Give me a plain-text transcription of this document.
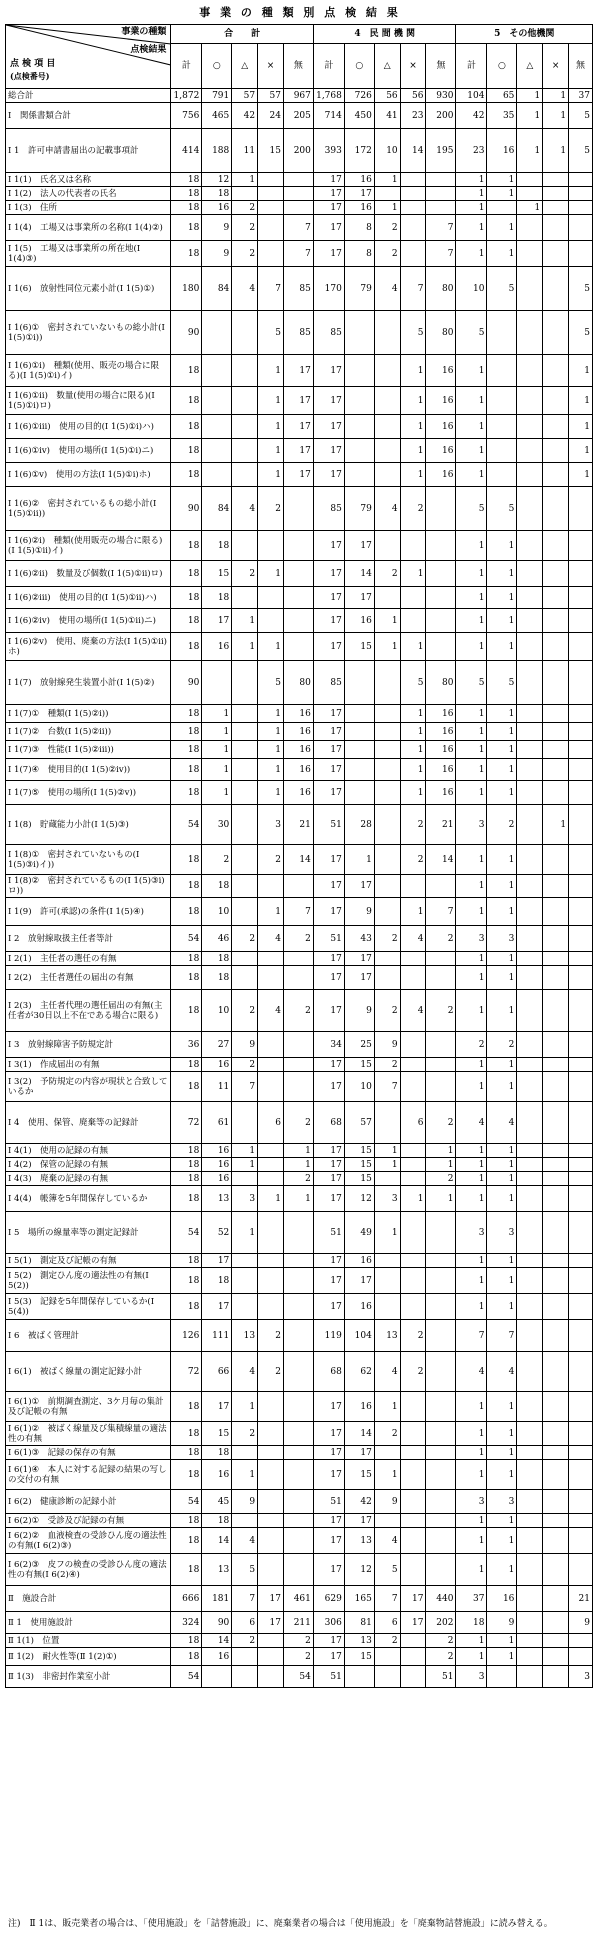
事 業 の 種 類 別 点 検 結 果
事業の種類
点検結果
点 検 項 目
(点検番号)	合　　計					4　民 間 機 関					5　その他機関				
	計	○	△	×	無	計	○	△	×	無	計	○	△	×	無
総合計	1,872	791	57	57	967	1,768	726	56	56	930	104	65	1	1	37
Ⅰ　関係書類合計	756	465	42	24	205	714	450	41	23	200	42	35	1	1	5
Ⅰ 1　許可申請書届出の記載事項計	414	188	11	15	200	393	172	10	14	195	23	16	1	1	5
Ⅰ 1(1)　氏名又は名称	18	12	1			17	16	1			1	1			
Ⅰ 1(2)　法人の代表者の氏名	18	18				17	17				1	1			
Ⅰ 1(3)　住所	18	16	2			17	16	1			1		1		
Ⅰ 1(4)　工場又は事業所の名称(Ⅰ 1(4)②)	18	9	2		7	17	8	2		7	1	1			
Ⅰ 1(5)　工場又は事業所の所在地(Ⅰ 1(4)③)	18	9	2		7	17	8	2		7	1	1			
Ⅰ 1(6)　放射性同位元素小計(Ⅰ 1(5)①)	180	84	4	7	85	170	79	4	7	80	10	5			5
Ⅰ 1(6)①　密封されていないもの総小計(Ⅰ 1(5)①ⅰ))	90			5	85	85			5	80	5				5
Ⅰ 1(6)①ⅰ)　種類(使用、販売の場合に限る)(Ⅰ 1(5)①ⅰ)イ)	18			1	17	17			1	16	1				1
Ⅰ 1(6)①ⅱ)　数量(使用の場合に限る)(Ⅰ 1(5)①ⅰ)ロ)	18			1	17	17			1	16	1				1
Ⅰ 1(6)①ⅲ)　使用の目的(Ⅰ 1(5)①ⅰ)ハ)	18			1	17	17			1	16	1				1
Ⅰ 1(6)①ⅳ)　使用の場所(Ⅰ 1(5)①ⅰ)ニ)	18			1	17	17			1	16	1				1
Ⅰ 1(6)①ⅴ)　使用の方法(Ⅰ 1(5)①ⅰ)ホ)	18			1	17	17			1	16	1				1
Ⅰ 1(6)②　密封されているもの総小計(Ⅰ 1(5)①ⅱ))	90	84	4	2		85	79	4	2		5	5			
Ⅰ 1(6)②ⅰ)　種類(使用販売の場合に限る)(Ⅰ 1(5)①ⅱ)イ)	18	18				17	17				1	1			
Ⅰ 1(6)②ⅱ)　数量及び個数(Ⅰ 1(5)①ⅱ)ロ)	18	15	2	1		17	14	2	1		1	1			
Ⅰ 1(6)②ⅲ)　使用の目的(Ⅰ 1(5)①ⅱ)ハ)	18	18				17	17				1	1			
Ⅰ 1(6)②ⅳ)　使用の場所(Ⅰ 1(5)①ⅱ)ニ)	18	17	1			17	16	1			1	1			
Ⅰ 1(6)②ⅴ)　使用、廃棄の方法(Ⅰ 1(5)①ⅱ)ホ)	18	16	1	1		17	15	1	1		1	1			
Ⅰ 1(7)　放射線発生装置小計(Ⅰ 1(5)②)	90			5	80	85			5	80	5	5			
Ⅰ 1(7)①　種類(Ⅰ 1(5)②ⅰ))	18	1		1	16	17			1	16	1	1			
Ⅰ 1(7)②　台数(Ⅰ 1(5)②ⅱ))	18	1		1	16	17			1	16	1	1			
Ⅰ 1(7)③　性能(Ⅰ 1(5)②ⅲ))	18	1		1	16	17			1	16	1	1			
Ⅰ 1(7)④　使用目的(Ⅰ 1(5)②ⅳ))	18	1		1	16	17			1	16	1	1			
Ⅰ 1(7)⑤　使用の場所(Ⅰ 1(5)②ⅴ))	18	1		1	16	17			1	16	1	1			
Ⅰ 1(8)　貯蔵能力小計(Ⅰ 1(5)③)	54	30		3	21	51	28		2	21	3	2		1	
Ⅰ 1(8)①　密封されていないもの(Ⅰ 1(5)③ⅰ)イ))	18	2		2	14	17	1		2	14	1	1			
Ⅰ 1(8)②　密封されているもの(Ⅰ 1(5)③ⅰ)ロ))	18	18				17	17				1	1			
Ⅰ 1(9)　許可(承認)の条件(Ⅰ 1(5)④)	18	10		1	7	17	9		1	7	1	1			
Ⅰ 2　放射線取扱主任者等計	54	46	2	4	2	51	43	2	4	2	3	3			
Ⅰ 2(1)　主任者の選任の有無	18	18				17	17				1	1			
Ⅰ 2(2)　主任者選任の届出の有無	18	18				17	17				1	1			
Ⅰ 2(3)　主任者代理の選任届出の有無(主任者が30日以上不在である場合に限る)	18	10	2	4	2	17	9	2	4	2	1	1			
Ⅰ 3　放射線障害予防規定計	36	27	9			34	25	9			2	2			
Ⅰ 3(1)　作成届出の有無	18	16	2			17	15	2			1	1			
Ⅰ 3(2)　予防規定の内容が現状と合致しているか	18	11	7			17	10	7			1	1			
Ⅰ 4　使用、保管、廃棄等の記録計	72	61		6	2	68	57		6	2	4	4			
Ⅰ 4(1)　使用の記録の有無	18	16	1		1	17	15	1		1	1	1			
Ⅰ 4(2)　保管の記録の有無	18	16	1		1	17	15	1		1	1	1			
Ⅰ 4(3)　廃棄の記録の有無	18	16			2	17	15			2	1	1			
Ⅰ 4(4)　帳簿を5年間保存しているか	18	13	3	1	1	17	12	3	1	1	1	1			
Ⅰ 5　場所の線量率等の測定記録計	54	52	1			51	49	1			3	3			
Ⅰ 5(1)　測定及び記帳の有無	18	17				17	16				1	1			
Ⅰ 5(2)　測定ひん度の適法性の有無(Ⅰ 5(2))	18	18				17	17				1	1			
Ⅰ 5(3)　記録を5年間保存しているか(Ⅰ 5(4))	18	17				17	16				1	1			
Ⅰ 6　被ばく管理計	126	111	13	2		119	104	13	2		7	7			
Ⅰ 6(1)　被ばく線量の測定記録小計	72	66	4	2		68	62	4	2		4	4			
Ⅰ 6(1)①　前期調査測定、3ケ月毎の集計及び記帳の有無	18	17	1			17	16	1			1	1			
Ⅰ 6(1)②　被ばく線量及び集積線量の適法性の有無	18	15	2			17	14	2			1	1			
Ⅰ 6(1)③　記録の保存の有無	18	18				17	17				1	1			
Ⅰ 6(1)④　本人に対する記録の結果の写しの交付の有無	18	16	1			17	15	1			1	1			
Ⅰ 6(2)　健康診断の記録小計	54	45	9			51	42	9			3	3			
Ⅰ 6(2)①　受診及び記録の有無	18	18				17	17				1	1			
Ⅰ 6(2)②　血液検査の受診ひん度の適法性の有無(Ⅰ 6(2)③)	18	14	4			17	13	4			1	1			
Ⅰ 6(2)③　皮フの検査の受診ひん度の適法性の有無(Ⅰ 6(2)④)	18	13	5			17	12	5			1	1			
Ⅱ　施設合計	666	181	7	17	461	629	165	7	17	440	37	16			21
Ⅱ 1　使用施設計	324	90	6	17	211	306	81	6	17	202	18	9			9
Ⅱ 1(1)　位置	18	14	2		2	17	13	2		2	1	1			
Ⅱ 1(2)　耐火性等(Ⅱ 1(2)①)	18	16			2	17	15			2	1	1			
Ⅱ 1(3)　非密封作業室小計	54				54	51				51	3				3
注)　Ⅱ 1は、販売業者の場合は、「使用施設」を「詰替施設」に、廃棄業者の場合は「使用施設」を「廃棄物詰替施設」に読み替える。
